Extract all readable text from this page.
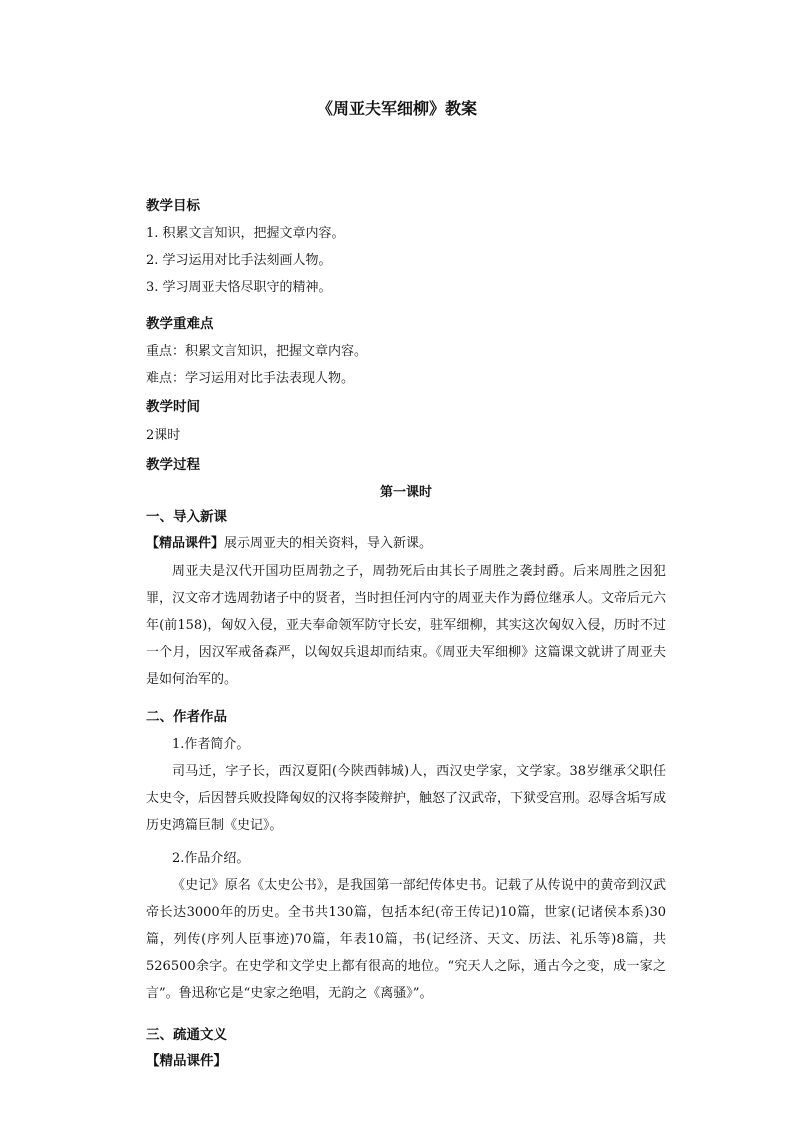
《周亚夫军细柳》教案

教学目标

1. 积累文言知识，把握文章内容。

2. 学习运用对比手法刻画人物。

3. 学习周亚夫恪尽职守的精神。

教学重难点

重点：积累文言知识，把握文章内容。

难点：学习运用对比手法表现人物。

教学时间

2课时

教学过程

第一课时

一、导入新课

【精品课件】展示周亚夫的相关资料，导入新课。

周亚夫是汉代开国功臣周勃之子，周勃死后由其长子周胜之袭封爵。后来周胜之因犯罪，汉文帝才选周勃诸子中的贤者，当时担任河内守的周亚夫作为爵位继承人。文帝后元六年(前158)，匈奴入侵，亚夫奉命领军防守长安，驻军细柳，其实这次匈奴入侵，历时不过一个月，因汉军戒备森严，以匈奴兵退却而结束。《周亚夫军细柳》这篇课文就讲了周亚夫是如何治军的。

二、作者作品

1.作者简介。

司马迁，字子长，西汉夏阳(今陕西韩城)人，西汉史学家，文学家。38岁继承父职任太史令，后因替兵败投降匈奴的汉将李陵辩护，触怒了汉武帝，下狱受宫刑。忍辱含垢写成历史鸿篇巨制《史记》。

2.作品介绍。

《史记》原名《太史公书》，是我国第一部纪传体史书。记载了从传说中的黄帝到汉武帝长达3000年的历史。全书共130篇，包括本纪(帝王传记)10篇，世家(记诸侯本系)30篇，列传(序列人臣事迹)70篇，年表10篇，书(记经济、天文、历法、礼乐等)8篇，共526500余字。在史学和文学史上都有很高的地位。“究天人之际，通古今之变，成一家之言”。鲁迅称它是“史家之绝唱，无韵之《离骚》”。

三、疏通文义

【精品课件】
